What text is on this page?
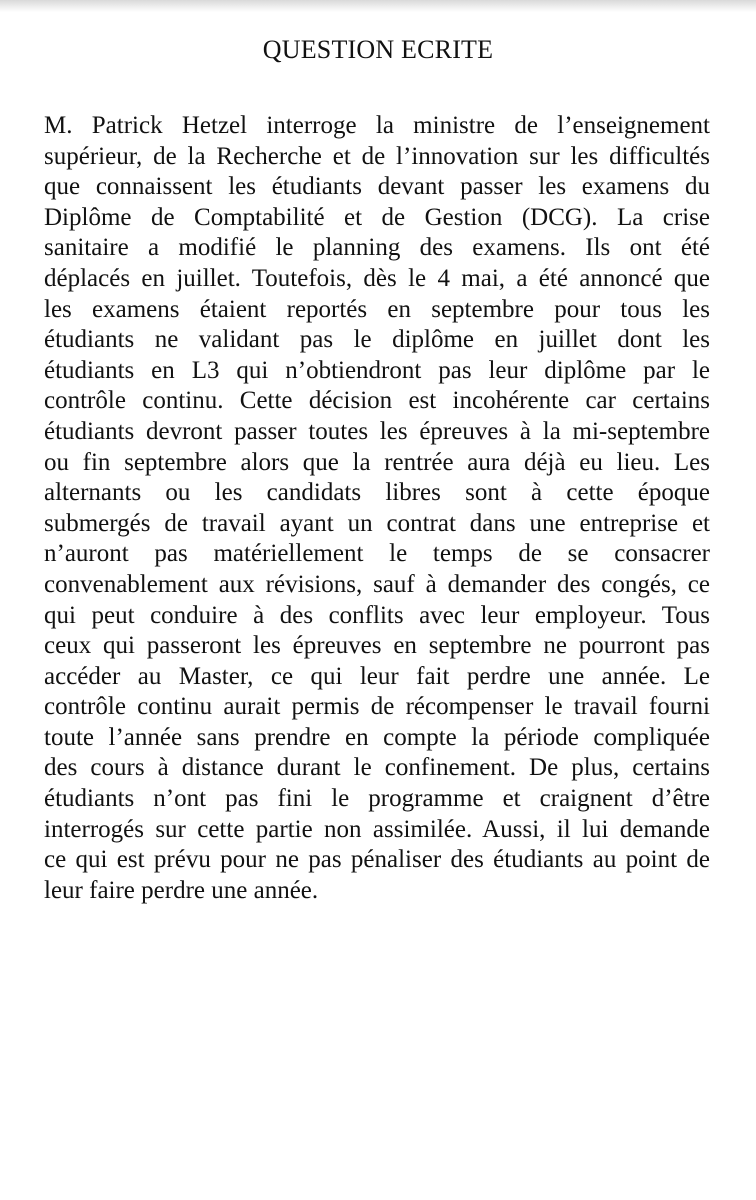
QUESTION ECRITE
M. Patrick Hetzel interroge la ministre de l’enseignement
supérieur, de la Recherche et de l’innovation sur les difficultés
que connaissent les étudiants devant passer les examens du
Diplôme de Comptabilité et de Gestion (DCG). La crise
sanitaire a modifié le planning des examens. Ils ont été
déplacés en juillet. Toutefois, dès le 4 mai, a été annoncé que
les examens étaient reportés en septembre pour tous les
étudiants ne validant pas le diplôme en juillet dont les
étudiants en L3 qui n’obtiendront pas leur diplôme par le
contrôle continu. Cette décision est incohérente car certains
étudiants devront passer toutes les épreuves à la mi-septembre
ou fin septembre alors que la rentrée aura déjà eu lieu. Les
alternants ou les candidats libres sont à cette époque
submergés de travail ayant un contrat dans une entreprise et
n’auront pas matériellement le temps de se consacrer
convenablement aux révisions, sauf à demander des congés, ce
qui peut conduire à des conflits avec leur employeur. Tous
ceux qui passeront les épreuves en septembre ne pourront pas
accéder au Master, ce qui leur fait perdre une année. Le
contrôle continu aurait permis de récompenser le travail fourni
toute l’année sans prendre en compte la période compliquée
des cours à distance durant le confinement. De plus, certains
étudiants n’ont pas fini le programme et craignent d’être
interrogés sur cette partie non assimilée. Aussi, il lui demande
ce qui est prévu pour ne pas pénaliser des étudiants au point de
leur faire perdre une année.
